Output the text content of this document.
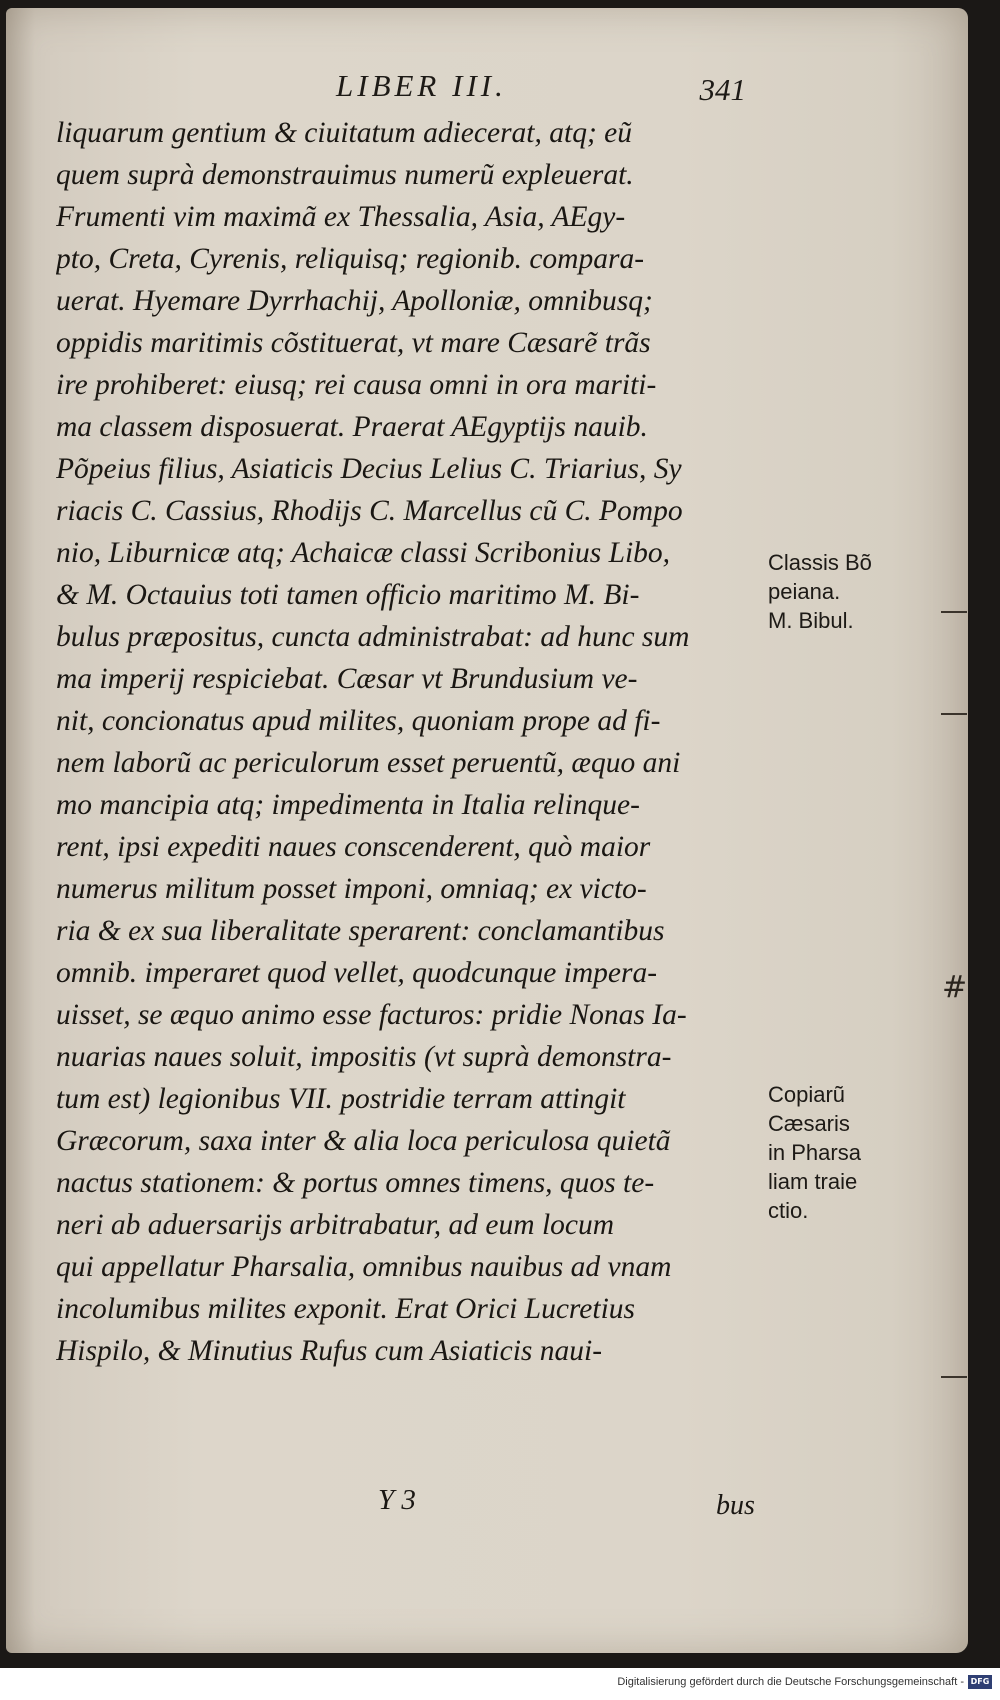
LIBER III.	341
liquarum gentium & ciuitatum adiecerat, atq; eũ
quem suprà demonstrauimus numerũ expleuerat.
Frumenti vim maximã ex Thessalia, Asia, AEgy-
pto, Creta, Cyrenis, reliquisq; regionib. compara-
uerat. Hyemare Dyrrhachij, Apolloniæ, omnibusq;
oppidis maritimis cõstituerat, vt mare Cæsarẽ trãs
ire prohiberet: eiusq; rei causa omni in ora mariti-
ma classem disposuerat. Praerat AEgyptijs nauib.
Põpeius filius, Asiaticis Decius Lelius C. Triarius, Sy
riacis C. Cassius, Rhodijs C. Marcellus cũ C. Pompo
nio, Liburnicæ atq; Achaicæ classi Scribonius Libo,
& M. Octauius toti tamen officio maritimo M. Bi-
bulus præpositus, cuncta administrabat: ad hunc sum
ma imperij respiciebat. Cæsar vt Brundusium ve-
nit, concionatus apud milites, quoniam prope ad fi-
nem laborũ ac periculorum esset peruentũ, æquo ani
mo mancipia atq; impedimenta in Italia relinque-
rent, ipsi expediti naues conscenderent, quò maior
numerus militum posset imponi, omniaq; ex victo-
ria & ex sua liberalitate sperarent: conclamantibus
omnib. imperaret quod vellet, quodcunque impera-
uisset, se æquo animo esse facturos: pridie Nonas Ia-
nuarias naues soluit, impositis (vt suprà demonstra-
tum est) legionibus VII. postridie terram attingit
Græcorum, saxa inter & alia loca periculosa quietã
nactus stationem: & portus omnes timens, quos te-
neri ab aduersarijs arbitrabatur, ad eum locum
qui appellatur Pharsalia, omnibus nauibus ad vnam
incolumibus milites exponit. Erat Orici Lucretius
Hispilo, & Minutius Rufus cum Asiaticis naui-
Y 3	bus
Classis Bõ
peiana.
M. Bibul.
Copiarũ
Cæsaris
in Pharsa
liam traie
ctio.
#
Digitalisierung gefördert durch die Deutsche Forschungsgemeinschaft - DFG
